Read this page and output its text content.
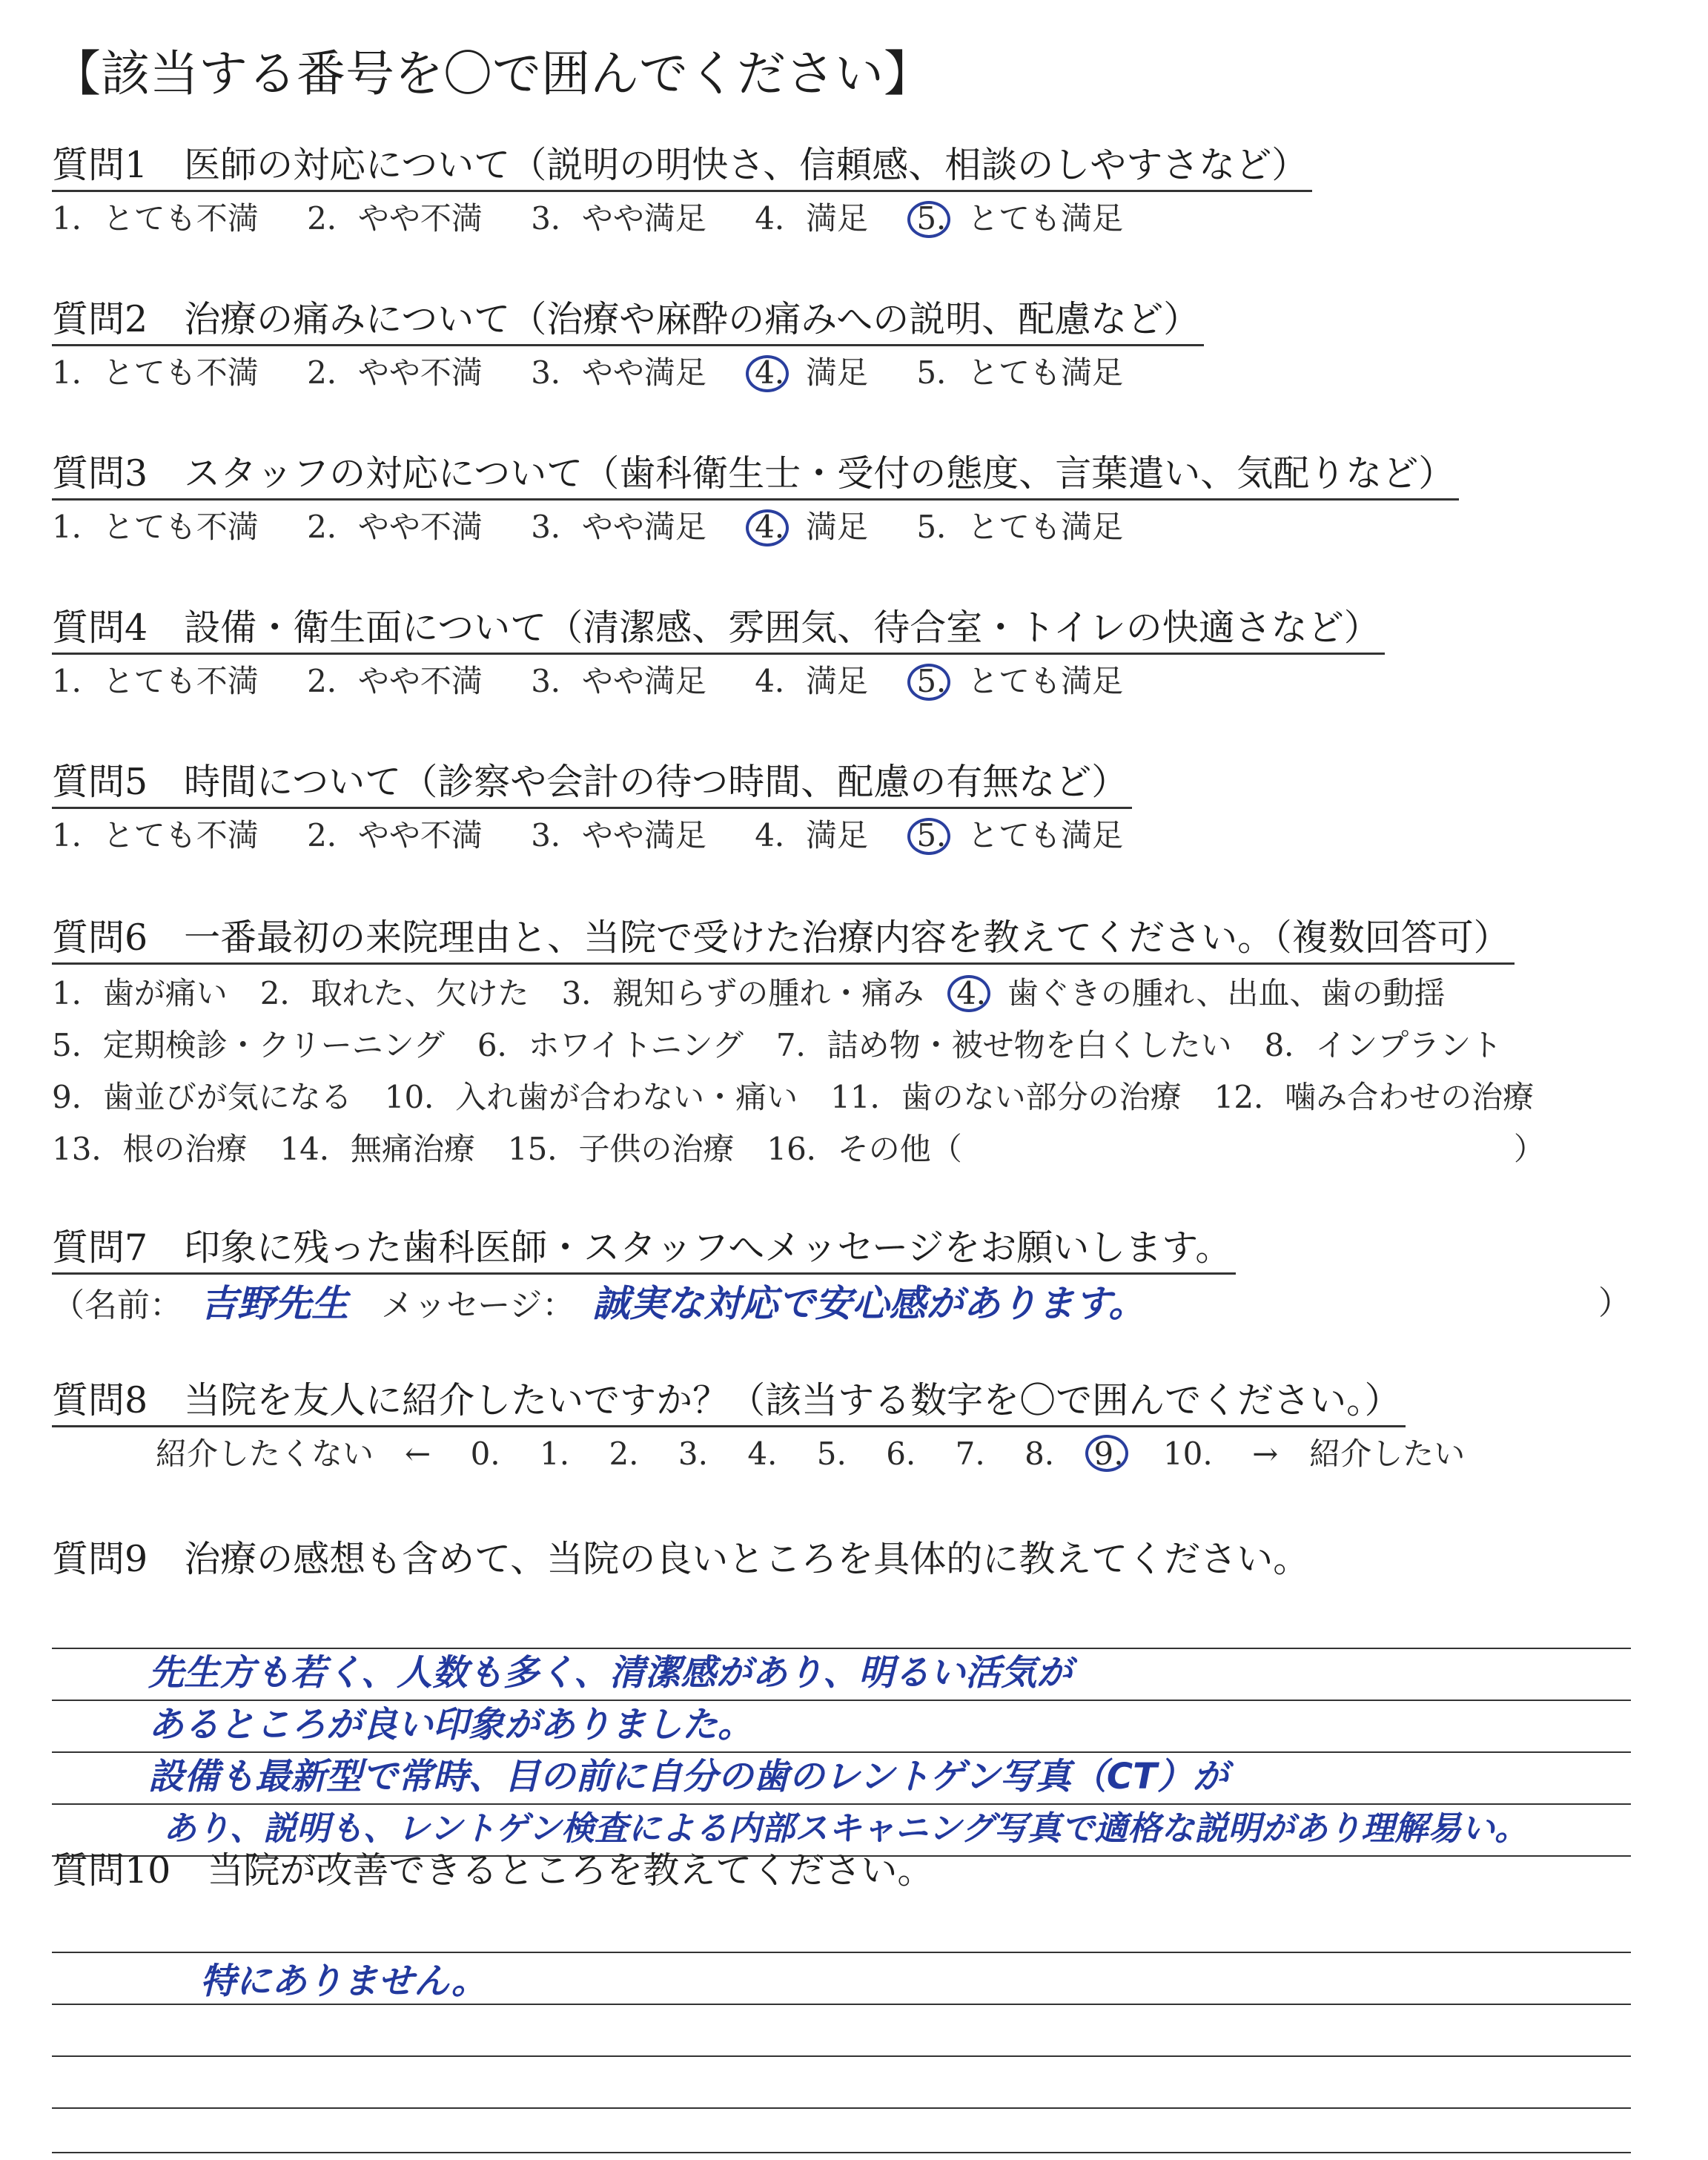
【該当する番号を〇で囲んでください】
質問1　医師の対応について（説明の明快さ、信頼感、相談のしやすさなど）
1．とても不満 2．やや不満 3．やや満足 4．満足 5．とても満足
質問2　治療の痛みについて（治療や麻酔の痛みへの説明、配慮など）
1．とても不満 2．やや不満 3．やや満足 4．満足 5．とても満足
質問3　スタッフの対応について（歯科衛生士・受付の態度、言葉遣い、気配りなど）
1．とても不満 2．やや不満 3．やや満足 4．満足 5．とても満足
質問4　設備・衛生面について（清潔感、雰囲気、待合室・トイレの快適さなど）
1．とても不満 2．やや不満 3．やや満足 4．満足 5．とても満足
質問5　時間について（診察や会計の待つ時間、配慮の有無など）
1．とても不満 2．やや不満 3．やや満足 4．満足 5．とても満足
質問6　一番最初の来院理由と、当院で受けた治療内容を教えてください。（複数回答可）
1．歯が痛い 2．取れた、欠けた 3．親知らずの腫れ・痛み 4．歯ぐきの腫れ、出血、歯の動揺
5．定期検診・クリーニング 6．ホワイトニング 7．詰め物・被せ物を白くしたい 8．インプラント
9．歯並びが気になる 10．入れ歯が合わない・痛い 11．歯のない部分の治療 12．噛み合わせの治療
13．根の治療 14．無痛治療 15．子供の治療 16．その他（	）
質問7　印象に残った歯科医師・スタッフへメッセージをお願いします。
（名前： 吉野先生 メッセージ： 誠実な対応で安心感があります。	）
質問8　当院を友人に紹介したいですか？（該当する数字を〇で囲んでください。）
紹介したくない　← 0. 1. 2. 3. 4. 5. 6. 7. 8. 9. 10. →　紹介したい
質問9　治療の感想も含めて、当院の良いところを具体的に教えてください。
先生方も若く、人数も多く、清潔感があり、明るい活気が
あるところが良い印象がありました。
設備も最新型で常時、目の前に自分の歯のレントゲン写真（CT）が
あり、説明も、レントゲン検査による内部スキャニング写真で適格な説明があり理解易い。
質問10　当院が改善できるところを教えてください。
特にありません。
